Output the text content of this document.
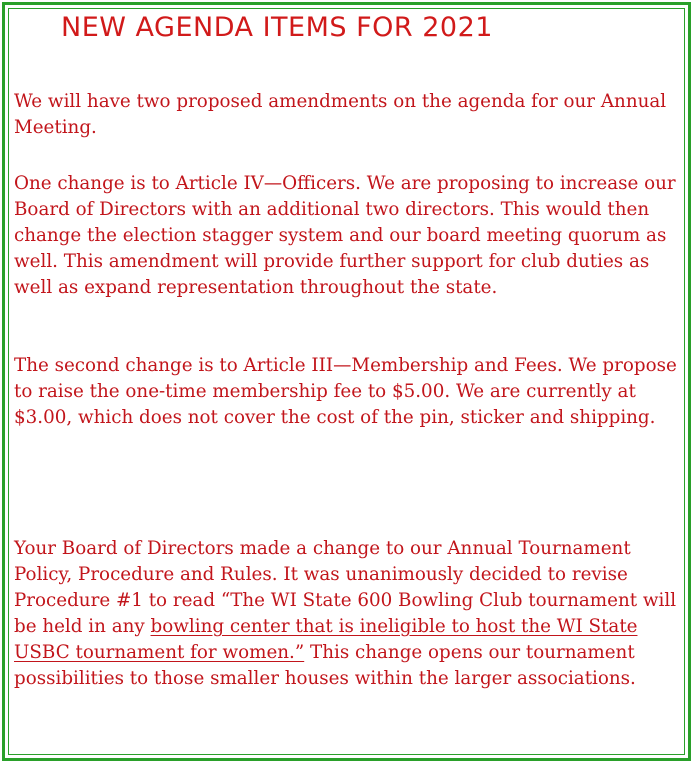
NEW AGENDA ITEMS FOR 2021

We will have two proposed amendments on the agenda for our Annual Meeting.

One change is to Article IV—Officers. We are proposing to increase our Board of Directors with an additional two directors. This would then change the election stagger system and our board meeting quorum as well. This amendment will provide further support for club duties as well as expand representation throughout the state.

The second change is to Article III—Membership and Fees. We propose to raise the one-time membership fee to $5.00. We are currently at $3.00, which does not cover the cost of the pin, sticker and shipping.

Your Board of Directors made a change to our Annual Tournament Policy, Procedure and Rules. It was unanimously decided to revise Procedure #1 to read “The WI State 600 Bowling Club tournament will be held in any bowling center that is ineligible to host the WI State USBC tournament for women.” This change opens our tournament possibilities to those smaller houses within the larger associations.
